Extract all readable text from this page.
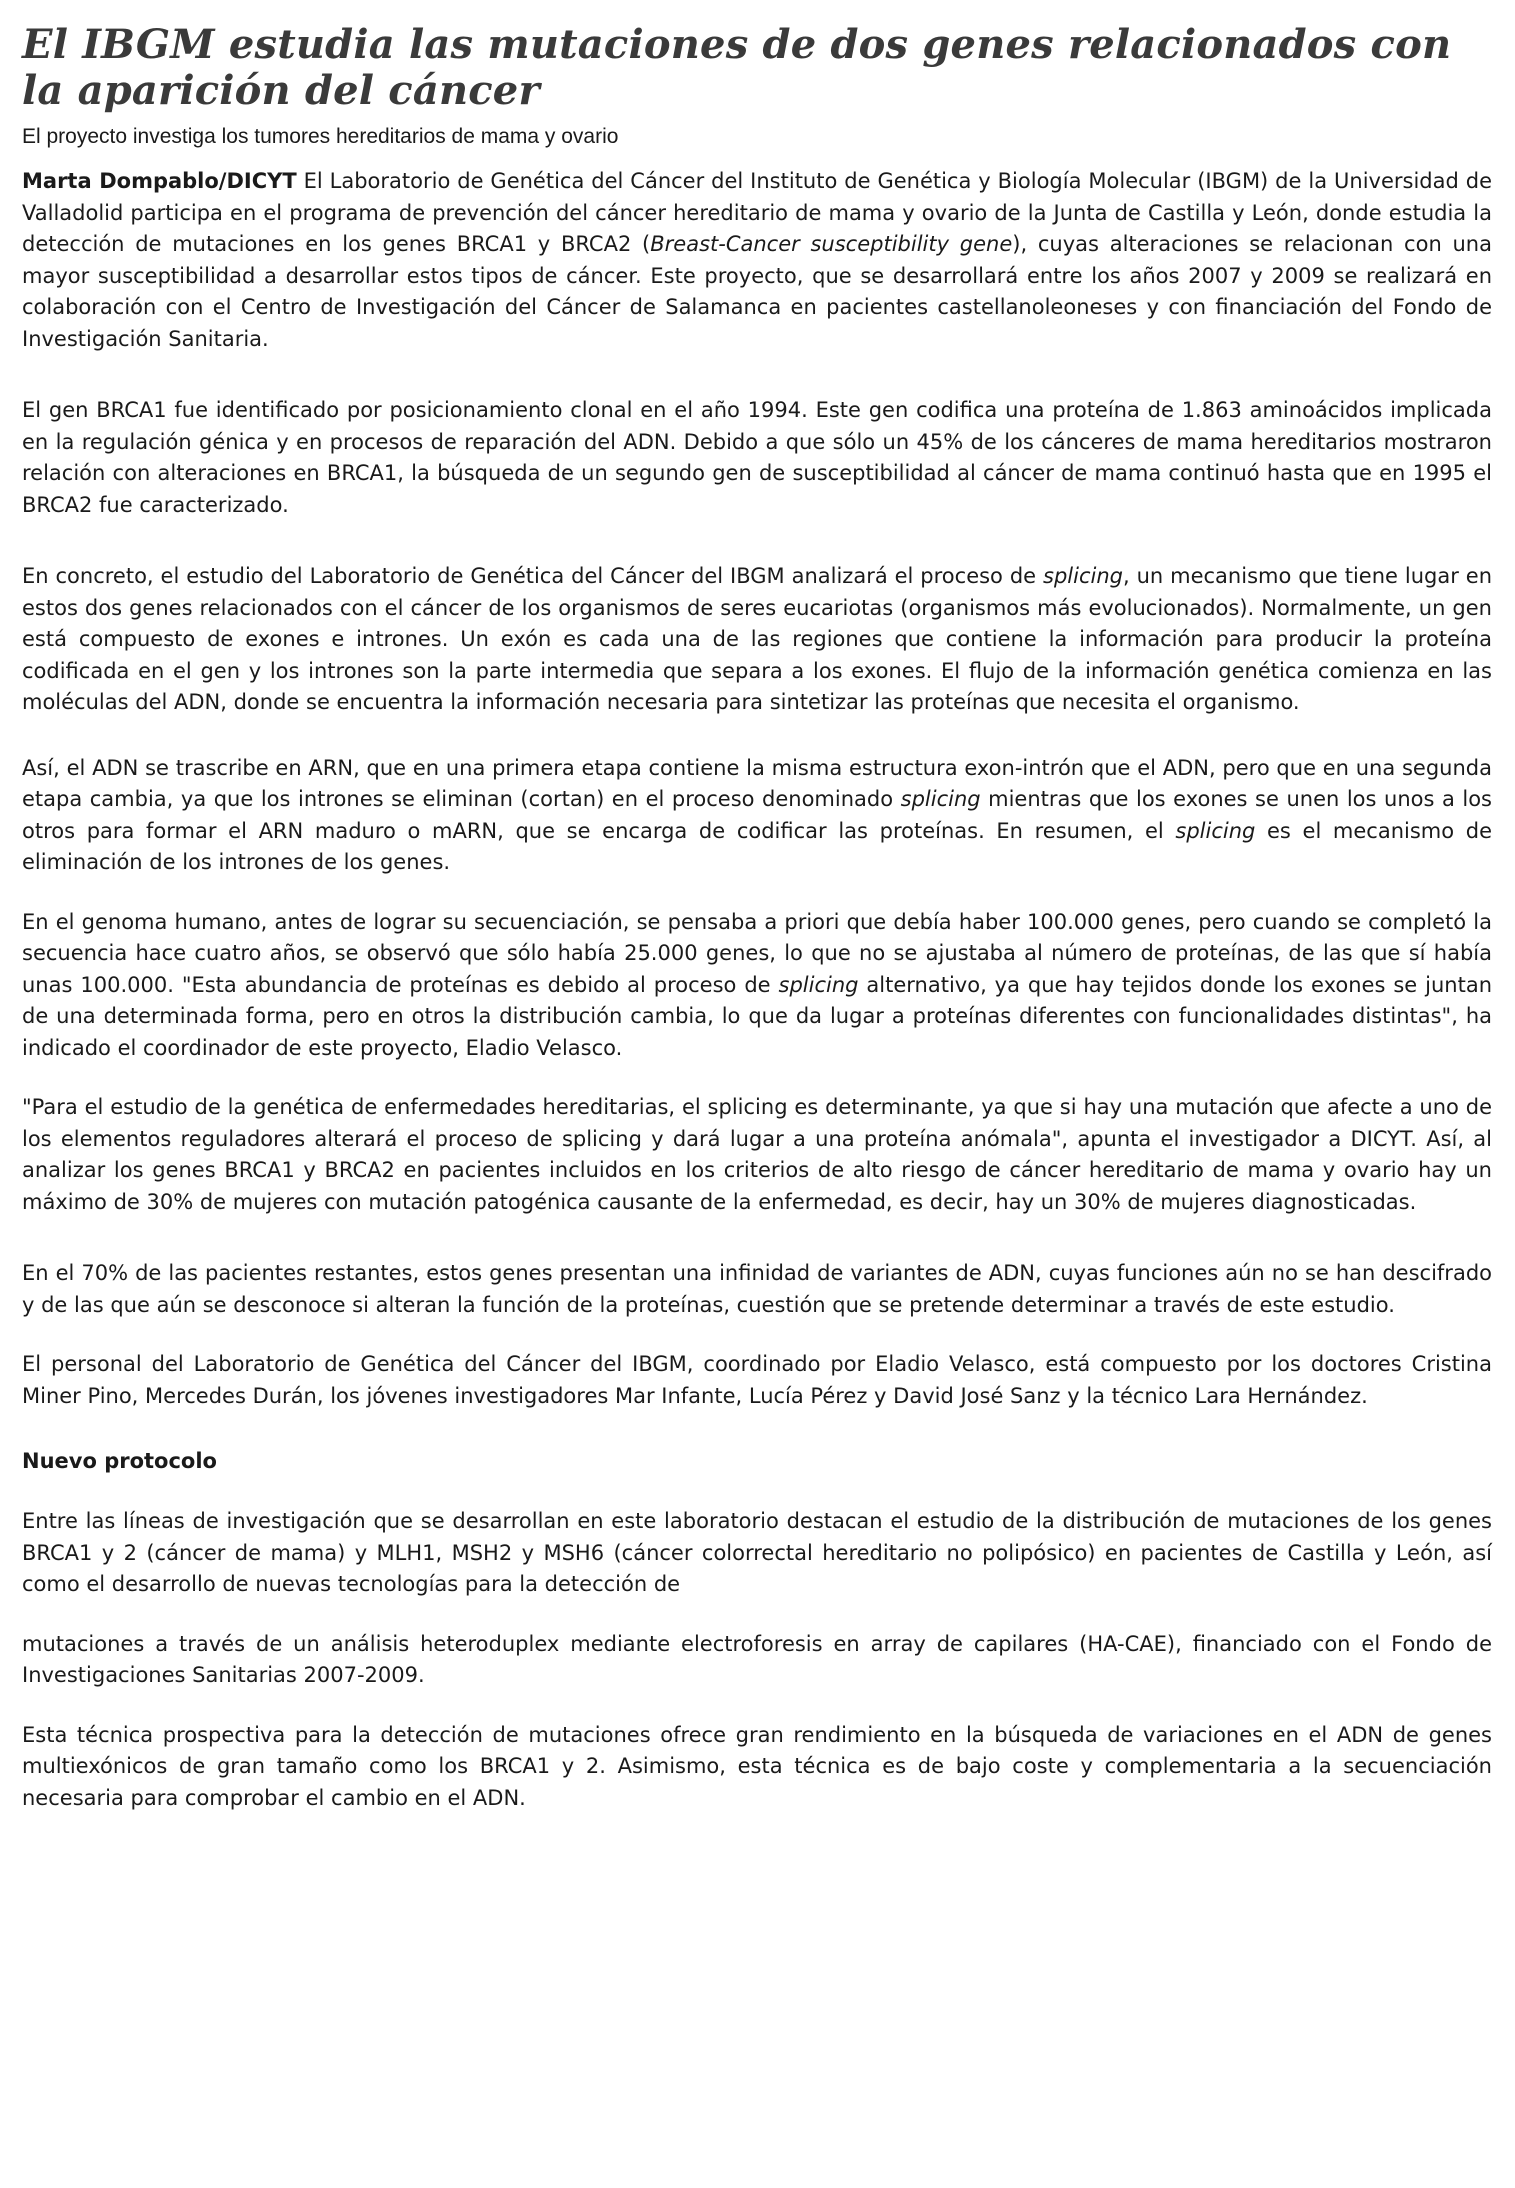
El IBGM estudia las mutaciones de dos genes relacionados con la aparición del cáncer
El proyecto investiga los tumores hereditarios de mama y ovario

Marta Dompablo/DICYT El Laboratorio de Genética del Cáncer del Instituto de Genética y Biología Molecular (IBGM) de la Universidad de Valladolid participa en el programa de prevención del cáncer hereditario de mama y ovario de la Junta de Castilla y León, donde estudia la detección de mutaciones en los genes BRCA1 y BRCA2 (Breast-Cancer susceptibility gene), cuyas alteraciones se relacionan con una mayor susceptibilidad a desarrollar estos tipos de cáncer. Este proyecto, que se desarrollará entre los años 2007 y 2009 se realizará en colaboración con el Centro de Investigación del Cáncer de Salamanca en pacientes castellanoleoneses y con financiación del Fondo de Investigación Sanitaria.

El gen BRCA1 fue identificado por posicionamiento clonal en el año 1994. Este gen codifica una proteína de 1.863 aminoácidos implicada en la regulación génica y en procesos de reparación del ADN. Debido a que sólo un 45% de los cánceres de mama hereditarios mostraron relación con alteraciones en BRCA1, la búsqueda de un segundo gen de susceptibilidad al cáncer de mama continuó hasta que en 1995 el BRCA2 fue caracterizado.

En concreto, el estudio del Laboratorio de Genética del Cáncer del IBGM analizará el proceso de splicing, un mecanismo que tiene lugar en estos dos genes relacionados con el cáncer de los organismos de seres eucariotas (organismos más evolucionados). Normalmente, un gen está compuesto de exones e intrones. Un exón es cada una de las regiones que contiene la información para producir la proteína codificada en el gen y los intrones son la parte intermedia que separa a los exones. El flujo de la información genética comienza en las moléculas del ADN, donde se encuentra la información necesaria para sintetizar las proteínas que necesita el organismo.

Así, el ADN se trascribe en ARN, que en una primera etapa contiene la misma estructura exon-intrón que el ADN, pero que en una segunda etapa cambia, ya que los intrones se eliminan (cortan) en el proceso denominado splicing mientras que los exones se unen los unos a los otros para formar el ARN maduro o mARN, que se encarga de codificar las proteínas. En resumen, el splicing es el mecanismo de eliminación de los intrones de los genes.

En el genoma humano, antes de lograr su secuenciación, se pensaba a priori que debía haber 100.000 genes, pero cuando se completó la secuencia hace cuatro años, se observó que sólo había 25.000 genes, lo que no se ajustaba al número de proteínas, de las que sí había unas 100.000. "Esta abundancia de proteínas es debido al proceso de splicing alternativo, ya que hay tejidos donde los exones se juntan de una determinada forma, pero en otros la distribución cambia, lo que da lugar a proteínas diferentes con funcionalidades distintas", ha indicado el coordinador de este proyecto, Eladio Velasco.

"Para el estudio de la genética de enfermedades hereditarias, el splicing es determinante, ya que si hay una mutación que afecte a uno de los elementos reguladores alterará el proceso de splicing y dará lugar a una proteína anómala", apunta el investigador a DICYT. Así, al analizar los genes BRCA1 y BRCA2 en pacientes incluidos en los criterios de alto riesgo de cáncer hereditario de mama y ovario hay un máximo de 30% de mujeres con mutación patogénica causante de la enfermedad, es decir, hay un 30% de mujeres diagnosticadas.

En el 70% de las pacientes restantes, estos genes presentan una infinidad de variantes de ADN, cuyas funciones aún no se han descifrado y de las que aún se desconoce si alteran la función de la proteínas, cuestión que se pretende determinar a través de este estudio.

El personal del Laboratorio de Genética del Cáncer del IBGM, coordinado por Eladio Velasco, está compuesto por los doctores Cristina Miner Pino, Mercedes Durán, los jóvenes investigadores Mar Infante, Lucía Pérez y David José Sanz y la técnico Lara Hernández.

Nuevo protocolo

Entre las líneas de investigación que se desarrollan en este laboratorio destacan el estudio de la distribución de mutaciones de los genes BRCA1 y 2 (cáncer de mama) y MLH1, MSH2 y MSH6 (cáncer colorrectal hereditario no polipósico) en pacientes de Castilla y León, así como el desarrollo de nuevas tecnologías para la detección de

mutaciones a través de un análisis heteroduplex mediante electroforesis en array de capilares (HA-CAE), financiado con el Fondo de Investigaciones Sanitarias 2007-2009.

Esta técnica prospectiva para la detección de mutaciones ofrece gran rendimiento en la búsqueda de variaciones en el ADN de genes multiexónicos de gran tamaño como los BRCA1 y 2. Asimismo, esta técnica es de bajo coste y complementaria a la secuenciación necesaria para comprobar el cambio en el ADN.
